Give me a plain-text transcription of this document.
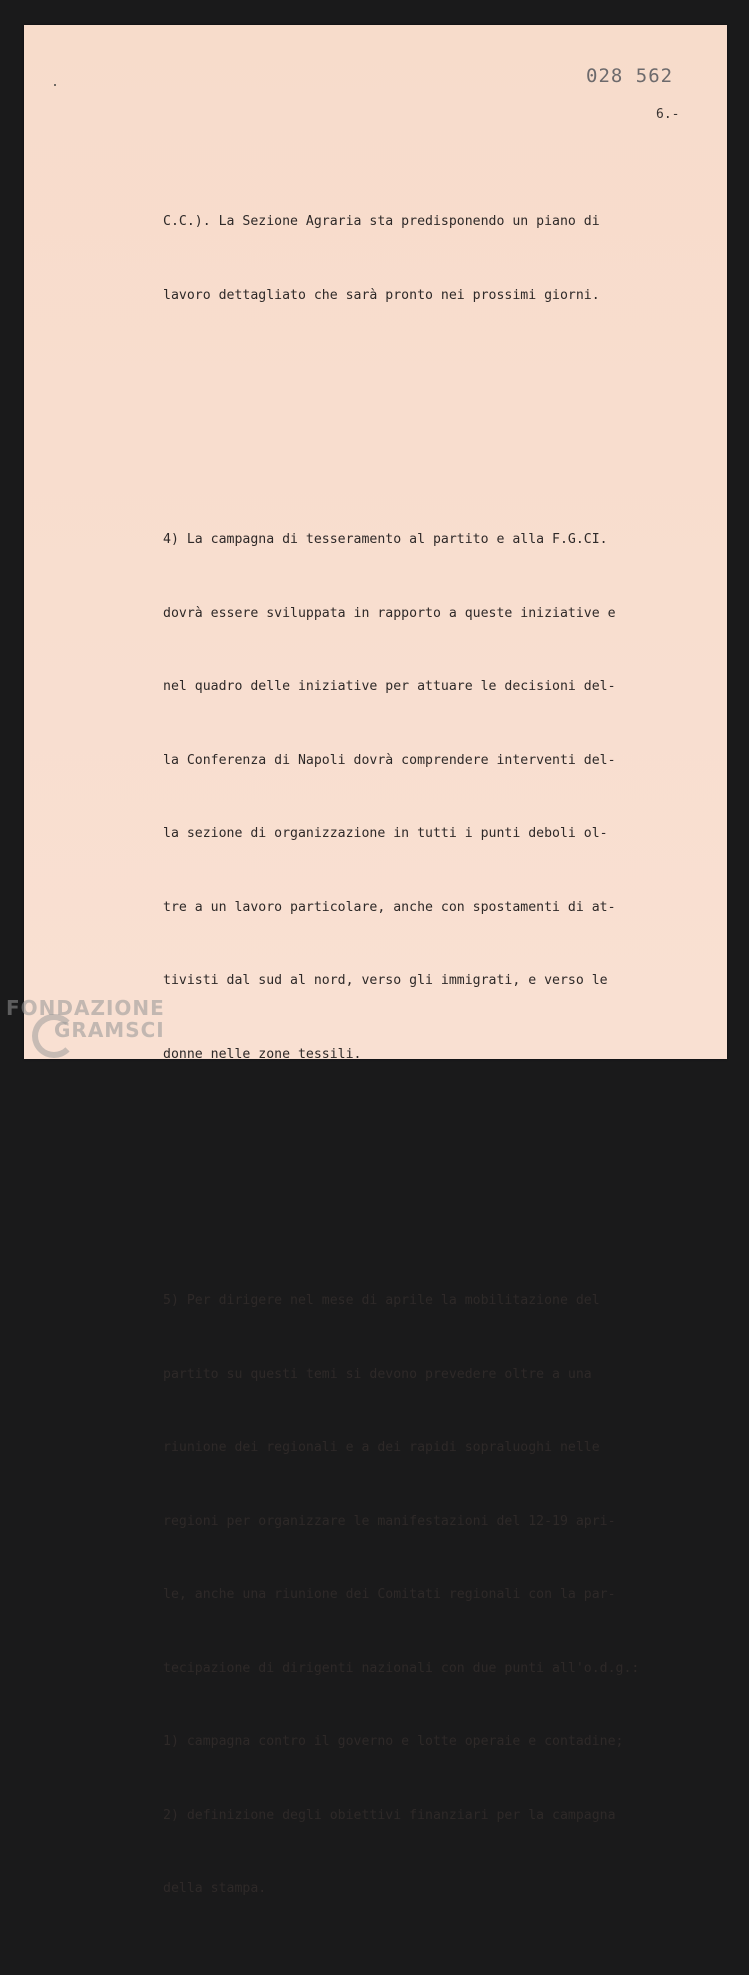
028 562
6.-

C.C.). La Sezione Agraria sta predisponendo un piano di

lavoro dettagliato che sarà pronto nei prossimi giorni.

4) La campagna di tesseramento al partito e alla F.G.CI.

dovrà essere sviluppata in rapporto a queste iniziative e

nel quadro delle iniziative per attuare le decisioni del-

la Conferenza di Napoli dovrà comprendere interventi del-

la sezione di organizzazione in tutti i punti deboli ol-

tre a un lavoro particolare, anche con spostamenti di at-

tivisti dal sud al nord, verso gli immigrati, e verso le

donne nelle zone tessili.

5) Per dirigere nel mese di aprile la mobilitazione del

partito su questi temi si devono prevedere oltre a una

riunione dei regionali e a dei rapidi sopraluoghi nelle

regioni per organizzare le manifestazioni del 12-19 apri-

le, anche una riunione dei Comitati regionali con la par-

tecipazione di dirigenti nazionali con due punti all'o.d.g.:

1) campagna contro il governo e lotte operaie e contadine;

2) definizione degli obiettivi finanziari per la campagna

della stampa.

FONDAZIONE
GRAMSCI
